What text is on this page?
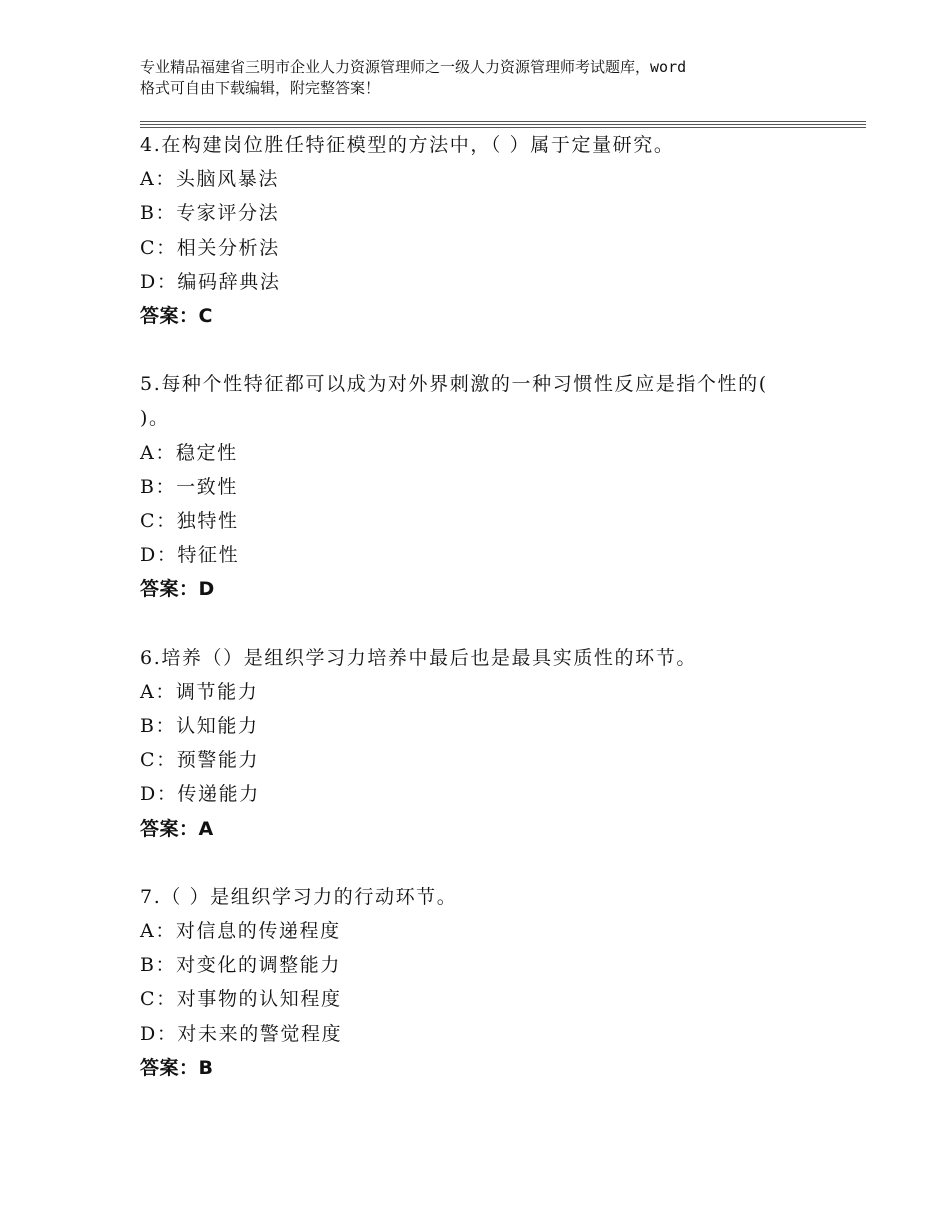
专业精品福建省三明市企业人力资源管理师之一级人力资源管理师考试题库，word
格式可自由下载编辑，附完整答案！
4.在构建岗位胜任特征模型的方法中，（ ）属于定量研究。
A：头脑风暴法
B：专家评分法
C：相关分析法
D：编码辞典法
答案：C
5.每种个性特征都可以成为对外界刺激的一种习惯性反应是指个性的(
)。
A：稳定性
B：一致性
C：独特性
D：特征性
答案：D
6.培养（）是组织学习力培养中最后也是最具实质性的环节。
A：调节能力
B：认知能力
C：预警能力
D：传递能力
答案：A
7.（ ）是组织学习力的行动环节。
A：对信息的传递程度
B：对变化的调整能力
C：对事物的认知程度
D：对未来的警觉程度
答案：B
